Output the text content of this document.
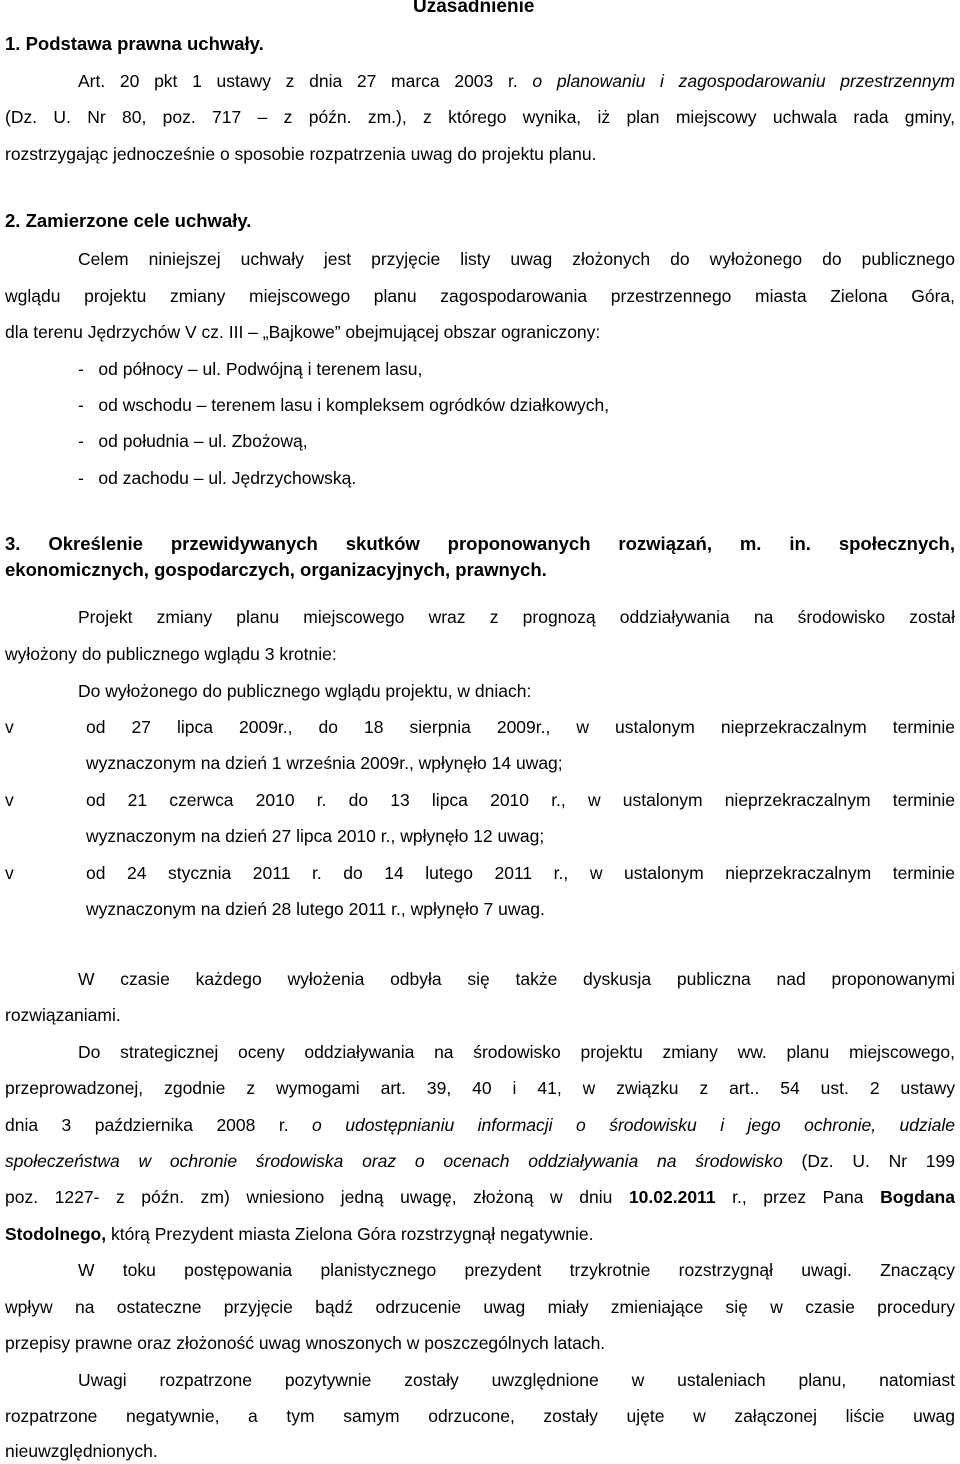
Uzasadnienie
1. Podstawa prawna uchwały.
Art. 20 pkt 1 ustawy z dnia 27 marca 2003 r. o planowaniu i zagospodarowaniu przestrzennym
(Dz. U. Nr 80, poz. 717 – z późn. zm.), z którego wynika, iż plan miejscowy uchwala rada gminy,
rozstrzygając jednocześnie o sposobie rozpatrzenia uwag do projektu planu.
2. Zamierzone cele uchwały.
Celem niniejszej uchwały jest przyjęcie listy uwag złożonych do wyłożonego do publicznego
wglądu projektu zmiany miejscowego planu zagospodarowania przestrzennego miasta Zielona Góra,
dla terenu Jędrzychów V cz. III – „Bajkowe” obejmującej obszar ograniczony:
-   od północy – ul. Podwójną i terenem lasu,
-   od wschodu – terenem lasu i kompleksem ogródków działkowych,
-   od południa – ul. Zbożową,
-   od zachodu – ul. Jędrzychowską.
3. Określenie przewidywanych skutków proponowanych rozwiązań, m. in. społecznych,
ekonomicznych, gospodarczych, organizacyjnych, prawnych.
Projekt zmiany planu miejscowego wraz z prognozą oddziaływania na środowisko został
wyłożony do publicznego wglądu 3 krotnie:
Do wyłożonego do publicznego wglądu projektu, w dniach:
v	od 27 lipca 2009r., do 18 sierpnia 2009r., w ustalonym nieprzekraczalnym terminie
wyznaczonym na dzień 1 września 2009r., wpłynęło 14 uwag;
v	od 21 czerwca 2010 r. do 13 lipca 2010 r., w ustalonym nieprzekraczalnym terminie
wyznaczonym na dzień 27 lipca 2010 r., wpłynęło 12 uwag;
v	od 24 stycznia 2011 r. do 14 lutego 2011 r., w ustalonym nieprzekraczalnym terminie
wyznaczonym na dzień 28 lutego 2011 r., wpłynęło 7 uwag.
W czasie każdego wyłożenia odbyła się także dyskusja publiczna nad proponowanymi
rozwiązaniami.
Do strategicznej oceny oddziaływania na środowisko projektu zmiany ww. planu miejscowego,
przeprowadzonej, zgodnie z wymogami art. 39, 40 i 41, w związku z art.. 54 ust. 2 ustawy
dnia 3 października 2008 r. o udostępnianiu informacji o środowisku i jego ochronie, udziale
społeczeństwa w ochronie środowiska oraz o ocenach oddziaływania na środowisko (Dz. U. Nr 199
poz. 1227- z późn. zm) wniesiono jedną uwagę, złożoną w dniu 10.02.2011 r., przez Pana Bogdana
Stodolnego, którą Prezydent miasta Zielona Góra rozstrzygnął negatywnie.
W toku postępowania planistycznego prezydent trzykrotnie rozstrzygnął uwagi. Znaczący
wpływ na ostateczne przyjęcie bądź odrzucenie uwag miały zmieniające się w czasie procedury
przepisy prawne oraz złożoność uwag wnoszonych w poszczególnych latach.
Uwagi rozpatrzone pozytywnie zostały uwzględnione w ustaleniach planu, natomiast
rozpatrzone negatywnie, a tym samym odrzucone, zostały ujęte w załączonej liście uwag
nieuwzględnionych.
